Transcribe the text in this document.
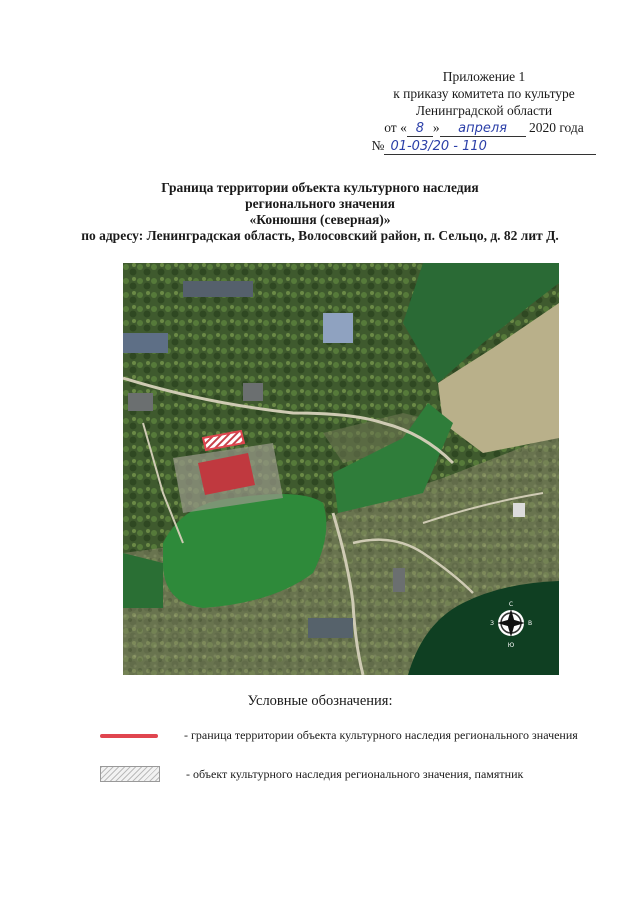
Приложение 1
к приказу комитета по культуре
Ленинградской области
от « 8 » апреля 2020 года
№ 01-03/20 - 110
Граница территории объекта культурного наследия
регионального значения
«Конюшня (северная)»
по адресу: Ленинградская область, Волосовский район, п. Сельцо, д. 82 лит Д.
С
Ю
В
З
Условные обозначения:
- граница территории объекта культурного наследия регионального значения
- объект культурного наследия регионального значения, памятник
